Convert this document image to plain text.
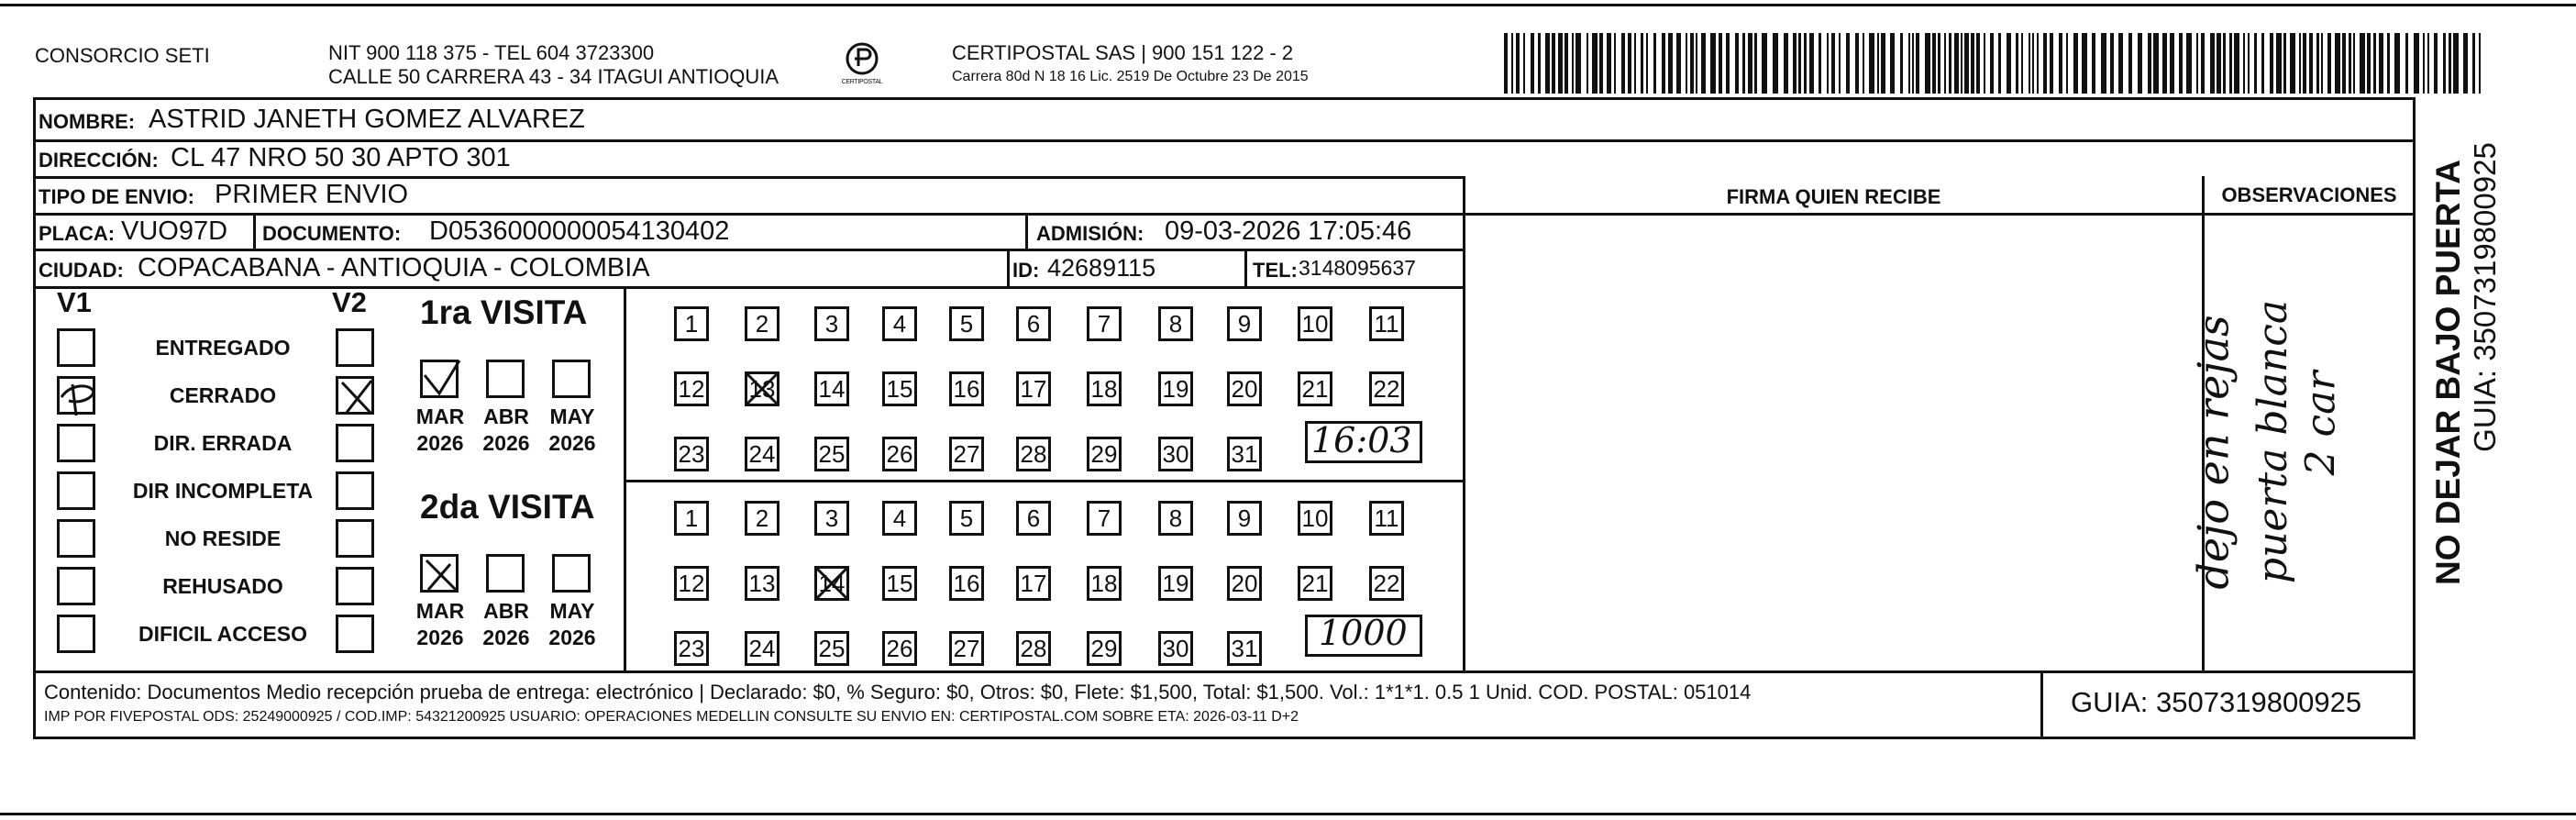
CONSORCIO SETI	NIT 900 118 375 - TEL 604 3723300
CALLE 50 CARRERA 43 - 34 ITAGUI ANTIOQUIA	CERTIPOSTAL
CERTIPOSTAL SAS | 900 151 122 - 2
Carrera 80d N 18 16 Lic. 2519 De Octubre 23 De 2015
NOMBRE: ASTRID JANETH GOMEZ ALVAREZ
DIRECCIÓN: CL 47 NRO 50 30 APTO 301
TIPO DE ENVIO: PRIMER ENVIO	FIRMA QUIEN RECIBE	OBSERVACIONES
PLACA: VUO97D DOCUMENTO: D0536000000054130402	ADMISIÓN: 09-03-2026 17:05:46
CIUDAD: COPACABANA - ANTIOQUIA - COLOMBIA	ID: 42689115	TEL: 3148095637
V1	V2
ENTREGADO
CERRADO
DIR. ERRADA
DIR INCOMPLETA
NO RESIDE
REHUSADO
DIFICIL ACCESO
1ra VISITA
2da VISITA
MAR
2026
ABR
2026
MAY
2026
1	2	3	4	5	6	7	8	9	10 11
12 13 14 15 16 17 18 19 20 21 22
23 24 25 26 27 28 29 30 31
MAR
2026
ABR
2026
MAY
2026
1	2	3	4	5	6	7	8	9	10 11
12 13 14 15 16 17 18 19 20 21 22
23 24 25 26 27 28 29 30 31
16:03
1000
dejo en rejas puerta blanca 2 car	NO DEJAR BAJO PUERTA GUIA: 3507319800925
Contenido: Documentos Medio recepción prueba de entrega: electrónico | Declarado: $0, % Seguro: $0, Otros: $0, Flete: $1,500, Total: $1,500. Vol.: 1*1*1. 0.5 1 Unid. COD. POSTAL: 051014
IMP POR FIVEPOSTAL ODS: 25249000925 / COD.IMP: 54321200925 USUARIO: OPERACIONES MEDELLIN CONSULTE SU ENVIO EN: CERTIPOSTAL.COM SOBRE ETA: 2026-03-11 D+2	GUIA: 3507319800925
